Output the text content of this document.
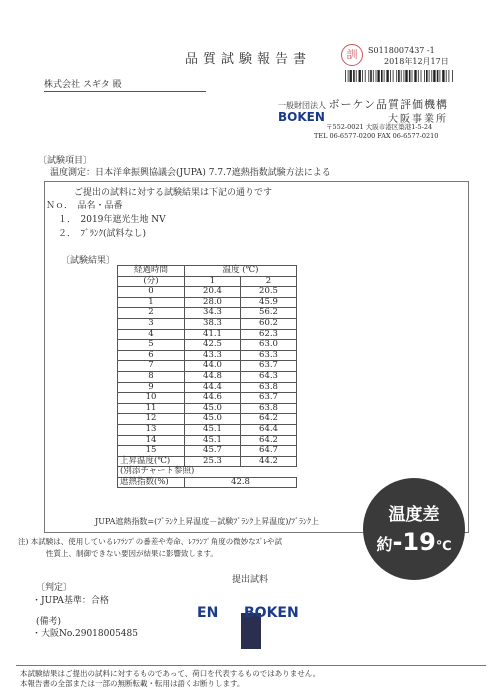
品質試験報告書	訓	S0118007437 -1
2018年12月17日
株式会社 スギタ 殿
一般財団法人 ボーケン品質評価機構
BOKEN	大阪事業所
〒552-0021 大阪市港区築港1-5-24
TEL 06-6577-0200 FAX 06-6577-0210
〔試験項目〕
温度測定：日本洋傘振興協議会(JUPA) 7.7.7遮熱指数試験方法による
ご提出の試料に対する試験結果は下記の通りです
Ｎｏ．　品名・品番
１．　2019年遮光生地 NV
２．　ﾌﾞﾗﾝｸ(試料なし)
〔試験結果〕
経過時間	温度 (℃)	
(分)	1	2
0	20.4	20.5
1	28.0	45.9
2	34.3	56.2
3	38.3	60.2
4	41.1	62.3
5	42.5	63.0
6	43.3	63.3
7	44.0	63.7
8	44.8	64.3
9	44.4	63.8
10	44.6	63.7
11	45.0	63.8
12	45.0	64.2
13	45.1	64.4
14	45.1	64.2
15	45.7	64.7
上昇温度(℃)	25.3	44.2
(別添チャート参照)		
遮熱指数(%)	42.8	
JUPA遮熱指数=(ﾌﾞﾗﾝｸ上昇温度－試験ﾌﾞﾗﾝｸ上昇温度)/ﾌﾞﾗﾝｸ上
注) 本試験は、使用しているﾚﾌﾗﾝﾌﾟの番差や寿命、ﾚﾌﾗﾝﾌﾟ角度の微妙なｽﾞﾚや試
性質上、制御できない要因が結果に影響致します。
提出試料
〔判定〕
・JUPA基準：合格
(備考)
・大阪No.29018005485
EN BOKEN
温度差
約-19℃
本試験結果はご提出の試料に対するものであって、荷口を代表するものではありません。
本報告書の全部または一部の無断転載・転用は語くお断りします。
